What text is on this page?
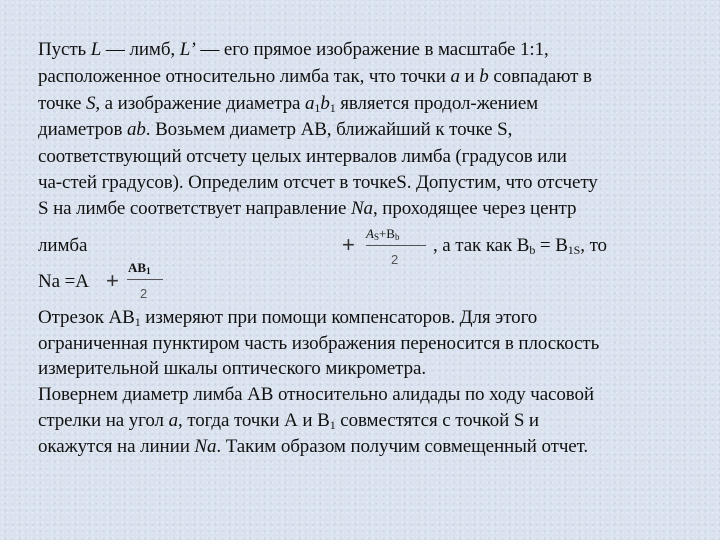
Пусть L — лимб, L’ — его прямое изображение в масштабе 1:1,
расположенное относительно лимба так, что точки a и b совпадают в
точке S, а изображение диаметра $a_1b_1$ является продол-жением
диаметров ab. Возьмем диаметр АВ, ближайший к точке S,
соответствующий отсчету целых интервалов лимба (градусов или
ча-стей градусов). Определим отсчет в точкеS. Допустим, что отсчету
S на лимбе соответствует направление Na, проходящее через центр
лимба	+ $A_S+B_b$
2
, а так как $B_b = B_{1S}$, то
Na =A +
$AB_1$
2
Отрезок $АВ_1$ измеряют при помощи компенсаторов. Для этого
ограниченная пунктиром часть изображения переносится в плоскость
измерительной шкалы оптического микрометра.
Повернем диаметр лимба АВ относительно алидады по ходу часовой
стрелки на угол a, тогда точки А и $В_1$ совместятся с точкой S и
окажутся на линии Na. Таким образом получим совмещенный отчет.
